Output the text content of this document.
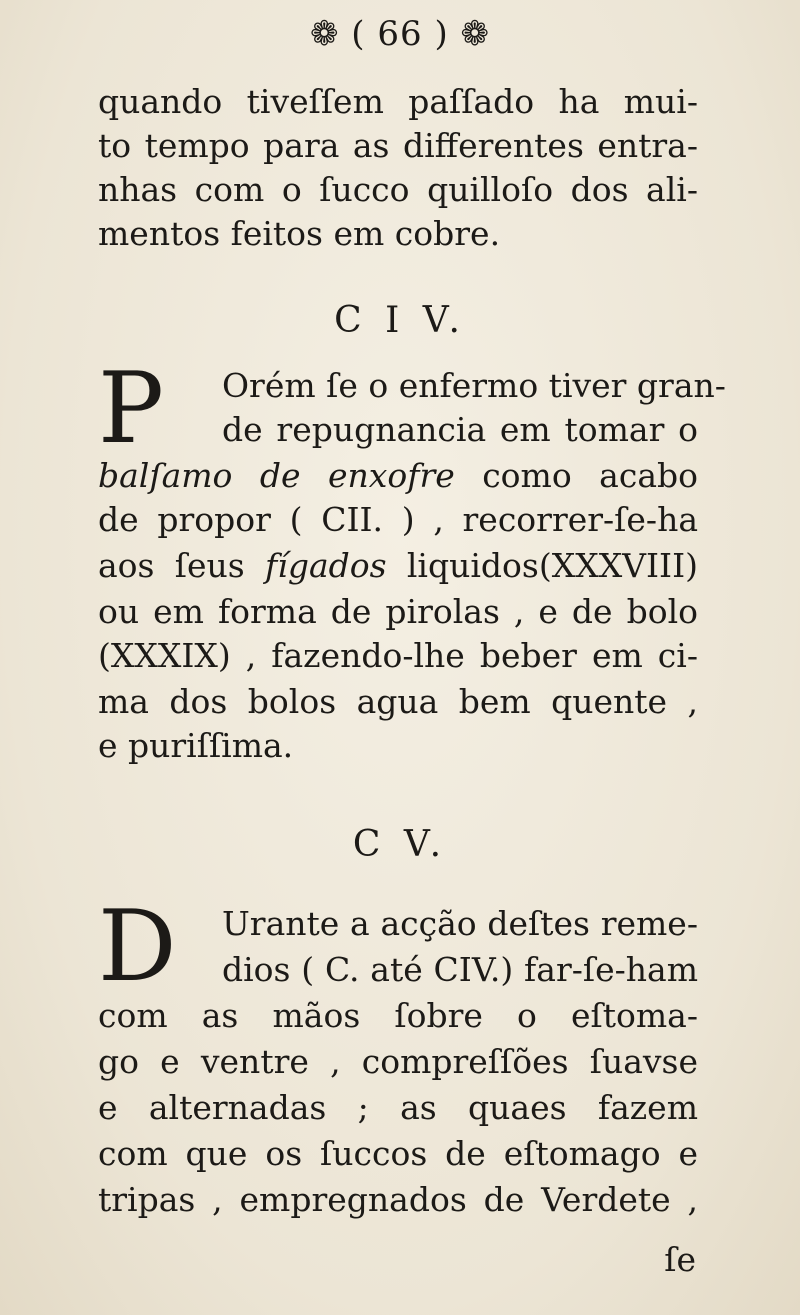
❁ ( 66 ) ❁
quando tiveſſem paſſado ha mui-
to tempo para as differentes entra-
nhas com o ſucco quilloſo dos ali-
mentos feitos em cobre.
C I V.
P Orém ſe o enfermo tiver gran-
de repugnancia em tomar o
balſamo de enxofre como acabo
de propor ( CII. ) , recorrer-ſe-ha
aos ſeus fígados liquidos(XXXVIII)
ou em forma de pirolas , e de bolo
(XXXIX) , fazendo-lhe beber em ci-
ma dos bolos agua bem quente ,
e puriſſima.
C V.
D Urante a acção deſtes reme-
dios ( C. até CIV.) far-ſe-ham
com as mãos ſobre o eſtoma-
go e ventre , compreſſões ſuavse
e alternadas ; as quaes fazem
com que os ſuccos de eſtomago e
tripas , empregnados de Verdete ,
ſe
